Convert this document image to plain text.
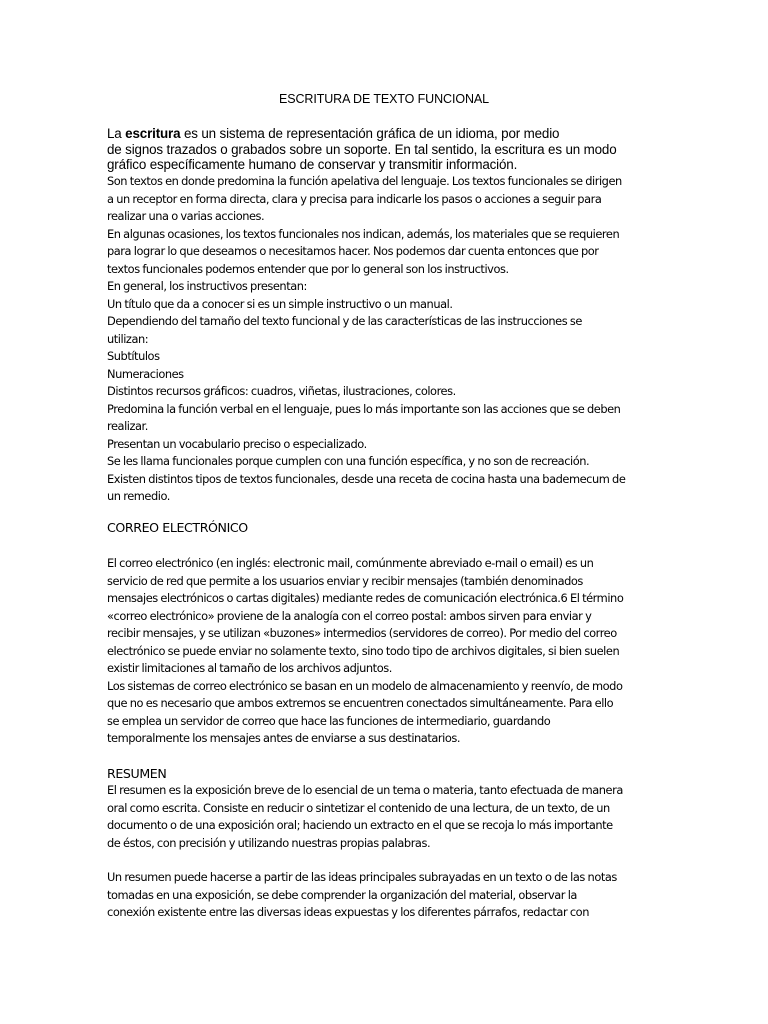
ESCRITURA DE TEXTO FUNCIONAL
La escritura es un sistema de representación gráfica de un idioma, por medio
de signos trazados o grabados sobre un soporte. En tal sentido, la escritura es un modo
gráfico específicamente humano de conservar y transmitir información.
Son textos en donde predomina la función apelativa del lenguaje. Los textos funcionales se dirigen
a un receptor en forma directa, clara y precisa para indicarle los pasos o acciones a seguir para
realizar una o varias acciones.
En algunas ocasiones, los textos funcionales nos indican, además, los materiales que se requieren
para lograr lo que deseamos o necesitamos hacer. Nos podemos dar cuenta entonces que por
textos funcionales podemos entender que por lo general son los instructivos.
En general, los instructivos presentan:
Un título que da a conocer si es un simple instructivo o un manual.
Dependiendo del tamaño del texto funcional y de las características de las instrucciones se
utilizan:
Subtítulos
Numeraciones
Distintos recursos gráficos: cuadros, viñetas, ilustraciones, colores.
Predomina la función verbal en el lenguaje, pues lo más importante son las acciones que se deben
realizar.
Presentan un vocabulario preciso o especializado.
Se les llama funcionales porque cumplen con una función específica, y no son de recreación.
Existen distintos tipos de textos funcionales, desde una receta de cocina hasta una bademecum de
un remedio.
CORREO ELECTRÓNICO
El correo electrónico (en inglés: electronic mail, comúnmente abreviado e-mail o email) es un
servicio de red que permite a los usuarios enviar y recibir mensajes (también denominados
mensajes electrónicos o cartas digitales) mediante redes de comunicación electrónica.6 El término
«correo electrónico» proviene de la analogía con el correo postal: ambos sirven para enviar y
recibir mensajes, y se utilizan «buzones» intermedios (servidores de correo). Por medio del correo
electrónico se puede enviar no solamente texto, sino todo tipo de archivos digitales, si bien suelen
existir limitaciones al tamaño de los archivos adjuntos.
Los sistemas de correo electrónico se basan en un modelo de almacenamiento y reenvío, de modo
que no es necesario que ambos extremos se encuentren conectados simultáneamente. Para ello
se emplea un servidor de correo que hace las funciones de intermediario, guardando
temporalmente los mensajes antes de enviarse a sus destinatarios.
RESUMEN
El resumen es la exposición breve de lo esencial de un tema o materia, tanto efectuada de manera
oral como escrita. Consiste en reducir o sintetizar el contenido de una lectura, de un texto, de un
documento o de una exposición oral; haciendo un extracto en el que se recoja lo más importante
de éstos, con precisión y utilizando nuestras propias palabras.
Un resumen puede hacerse a partir de las ideas principales subrayadas en un texto o de las notas
tomadas en una exposición, se debe comprender la organización del material, observar la
conexión existente entre las diversas ideas expuestas y los diferentes párrafos, redactar con
